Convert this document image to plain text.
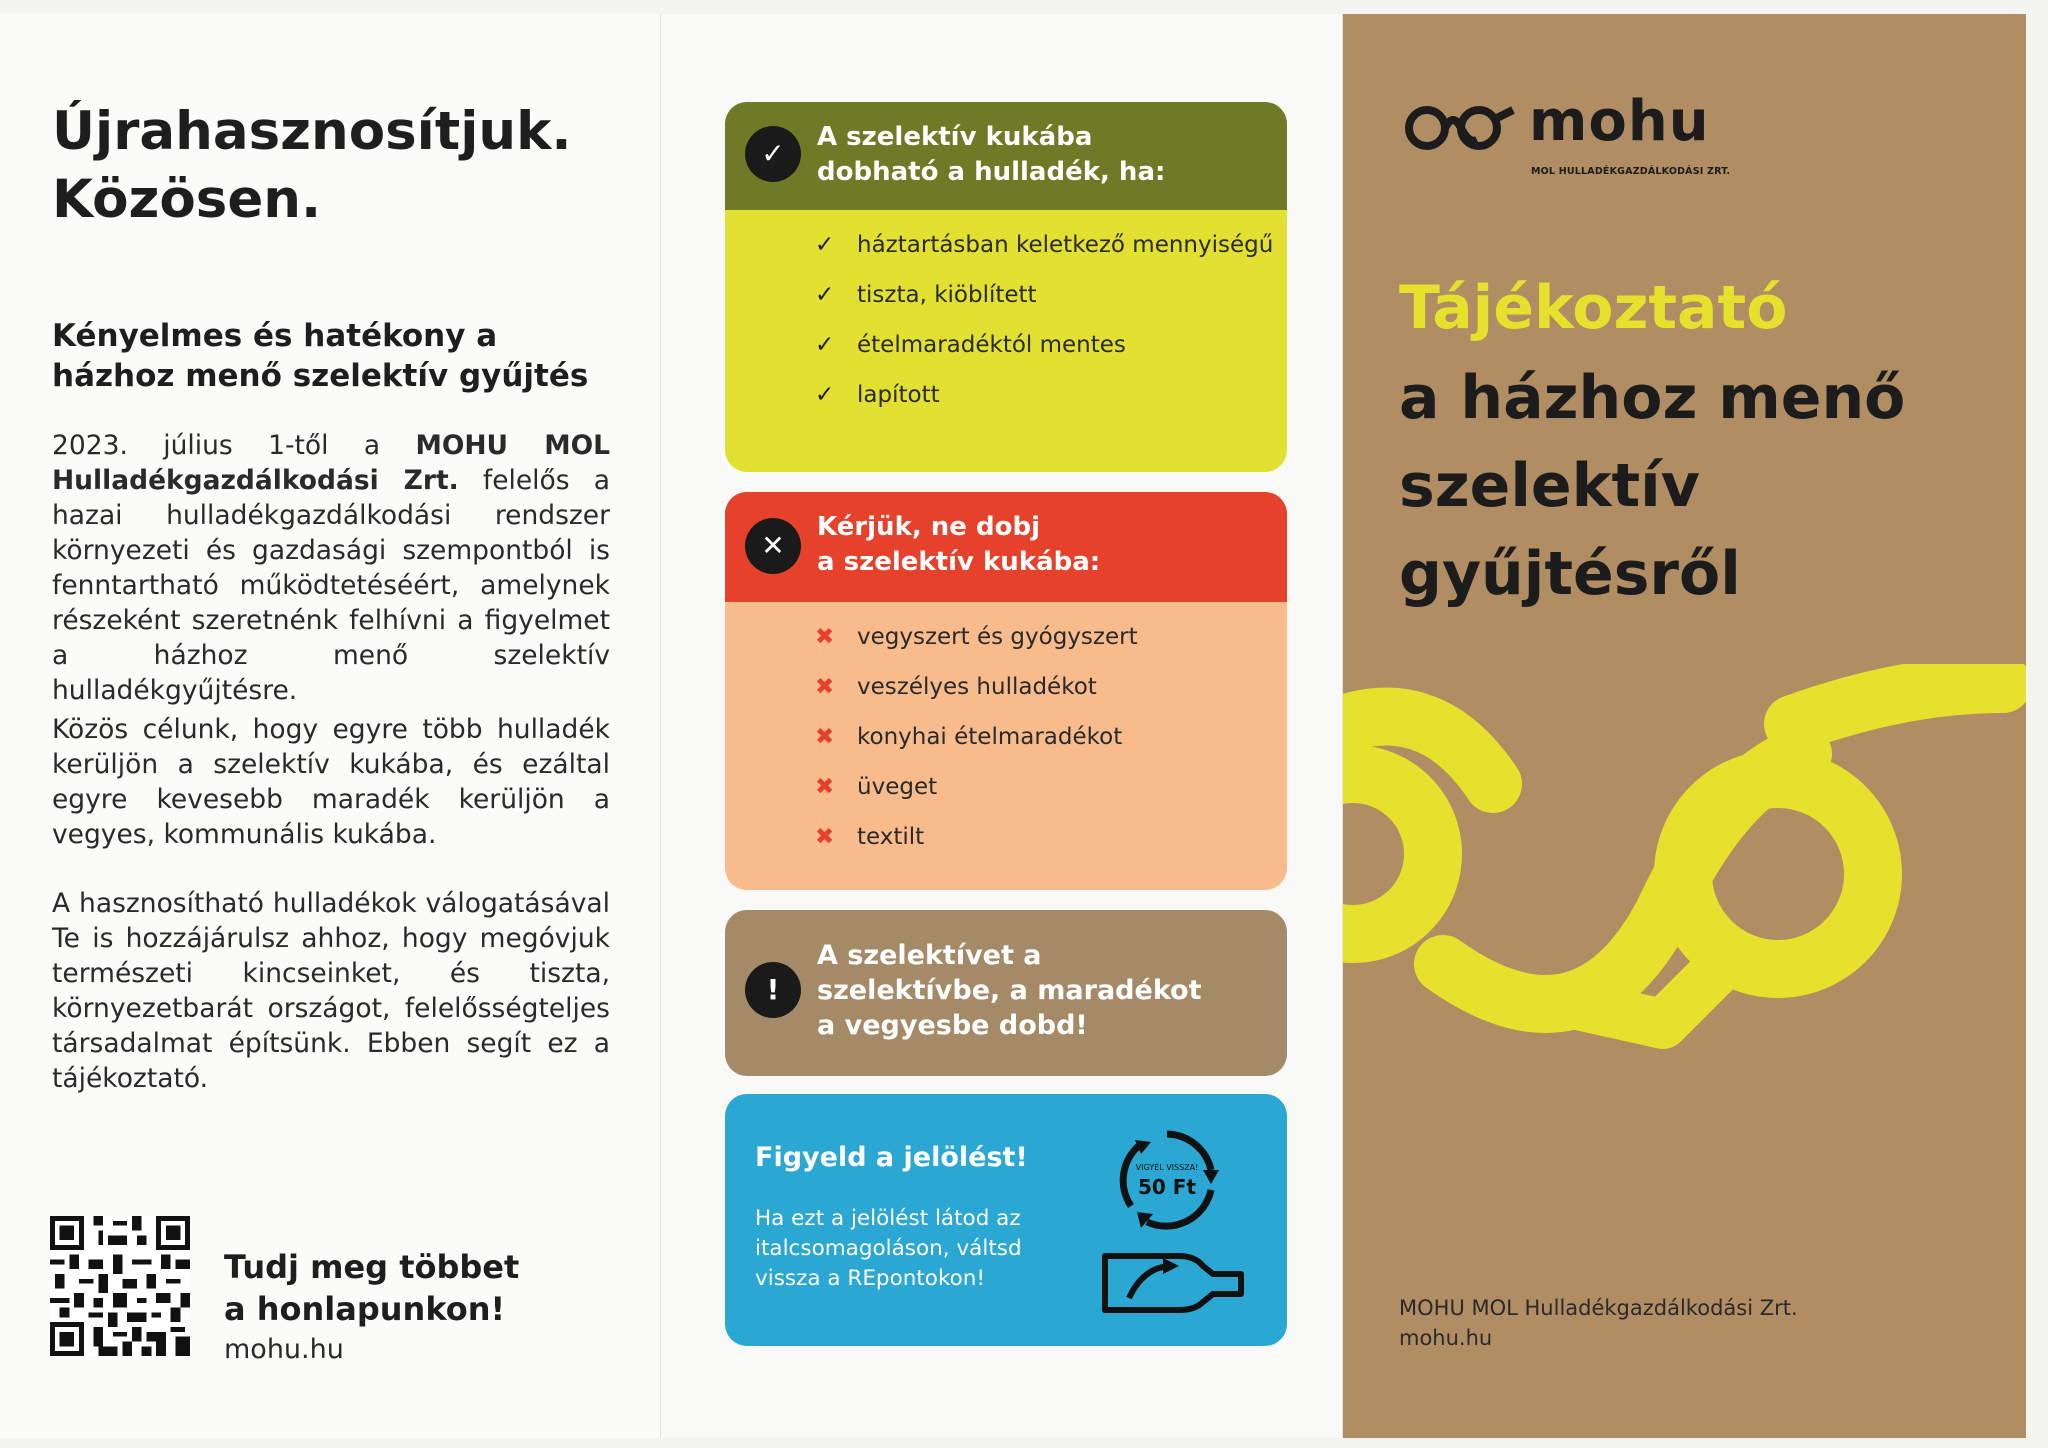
Újrahasznosítjuk.
Közösen.
Kényelmes és hatékony a házhoz menő szelektív gyűjtés

2023. július 1-től a MOHU MOL Hulladékgazdálkodási Zrt. felelős a hazai hulladékgazdálkodási rendszer környezeti és gazdasági szempontból is fenntartható működtetéséért, amelynek részeként szeretnénk felhívni a figyelmet a házhoz menő szelektív hulladékgyűjtésre.

Közös célunk, hogy egyre több hulladék kerüljön a szelektív kukába, és ezáltal egyre kevesebb maradék kerüljön a vegyes, kommunális kukába.

A hasznosítható hulladékok válogatásával Te is hozzájárulsz ahhoz, hogy megóvjuk természeti kincseinket, és tiszta, környezetbarát országot, felelősségteljes társadalmat építsünk. Ebben segít ez a tájékoztató.

Tudj meg többet
a honlapunkon!
mohu.hu
✓	A szelektív kukába
dobható a hulladék, ha:
✓ háztartásban keletkező mennyiségű
✓ tiszta, kiöblített
✓ ételmaradéktól mentes
✓ lapított
✕
Kérjük, ne dobj
a szelektív kukába:
✖ vegyszert és gyógyszert
✖ veszélyes hulladékot
✖ konyhai ételmaradékot
✖ üveget
✖ textilt
!
A szelektívet a
szelektívbe, a maradékot
a vegyesbe dobd!
Figyeld a jelölést!
Ha ezt a jelölést látod az italcsomagoláson, váltsd vissza a REpontokon!
VIGYÉL VISSZA!
50 Ft
mohu
MOL HULLADÉKGAZDÁLKODÁSI ZRT.
Tájékoztató
a házhoz menő
szelektív
gyűjtésről
MOHU MOL Hulladékgazdálkodási Zrt.
mohu.hu
